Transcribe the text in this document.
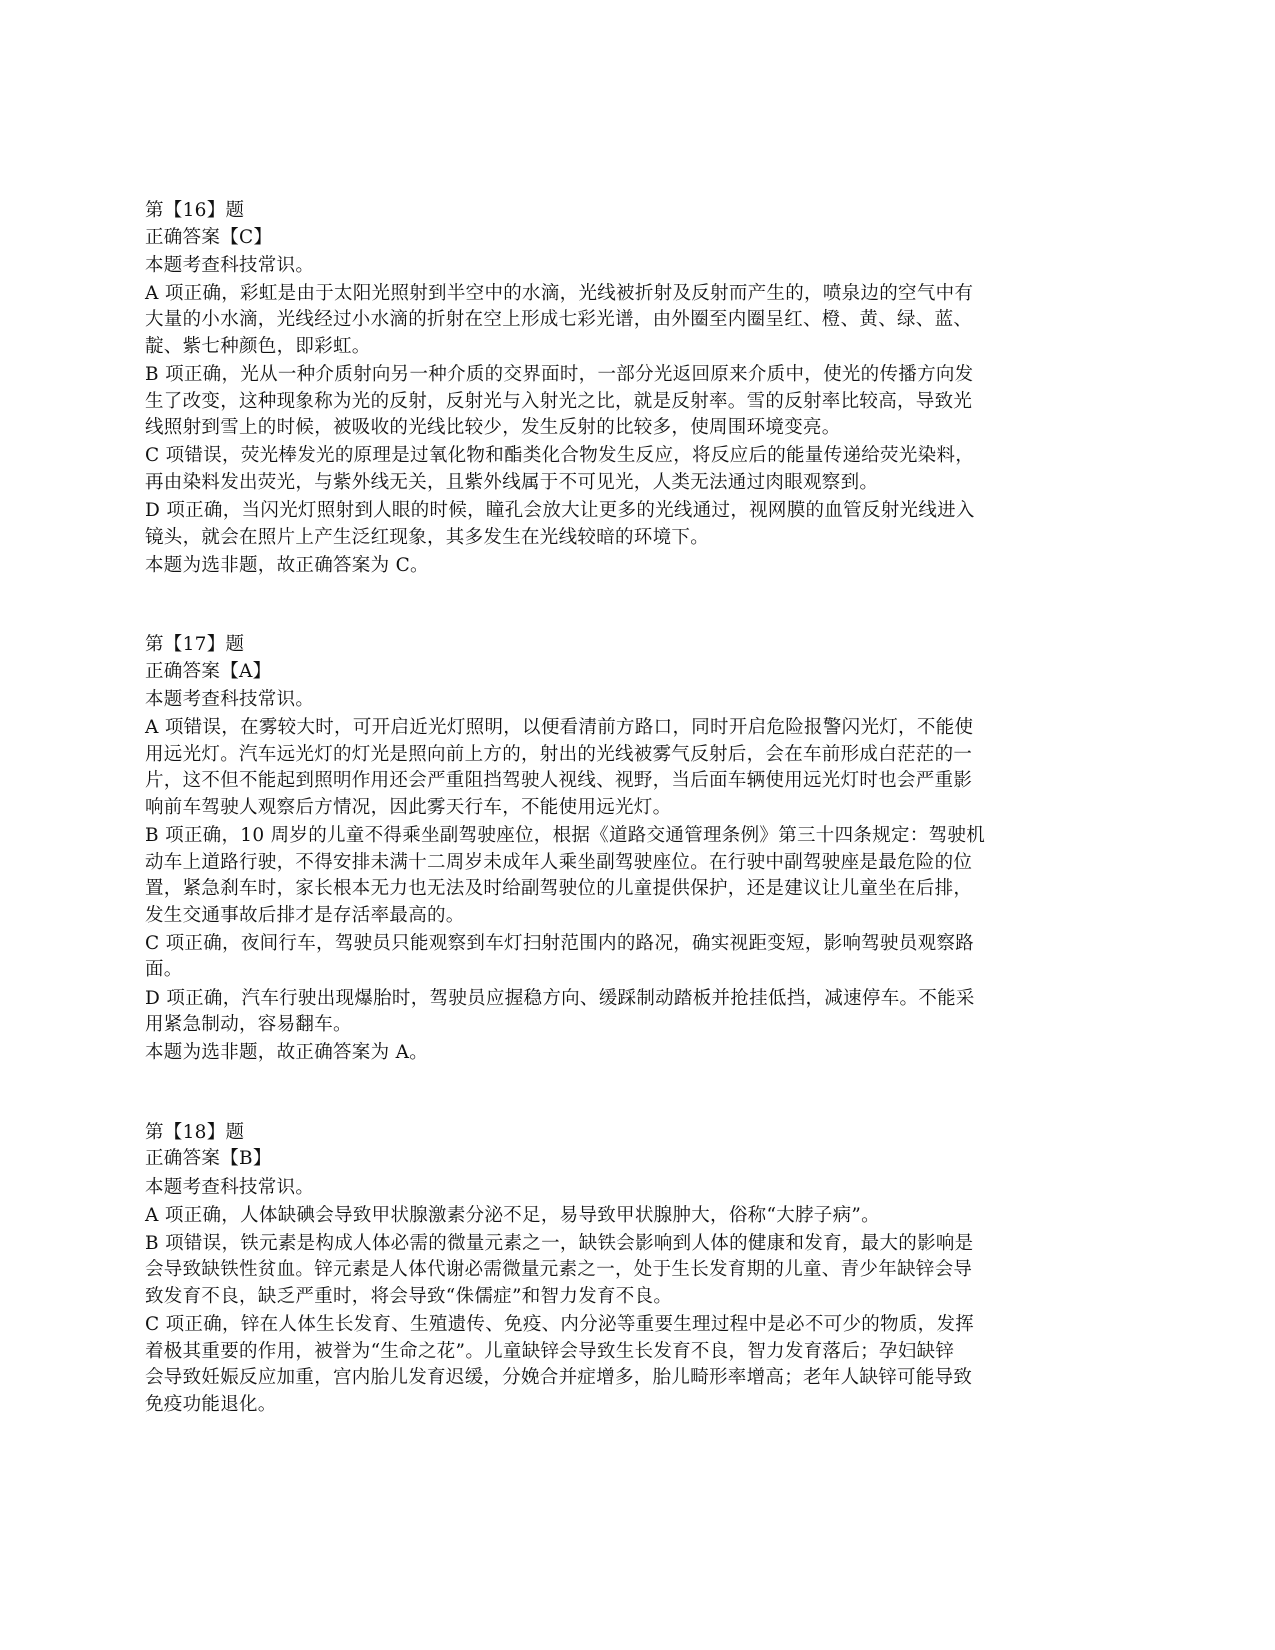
第【16】题
正确答案【C】
本题考查科技常识。
A 项正确，彩虹是由于太阳光照射到半空中的水滴，光线被折射及反射而产生的，喷泉边的空气中有
大量的小水滴，光线经过小水滴的折射在空上形成七彩光谱，由外圈至内圈呈红、橙、黄、绿、蓝、
靛、紫七种颜色，即彩虹。
B 项正确，光从一种介质射向另一种介质的交界面时，一部分光返回原来介质中，使光的传播方向发
生了改变，这种现象称为光的反射，反射光与入射光之比，就是反射率。雪的反射率比较高，导致光
线照射到雪上的时候，被吸收的光线比较少，发生反射的比较多，使周围环境变亮。
C 项错误，荧光棒发光的原理是过氧化物和酯类化合物发生反应，将反应后的能量传递给荧光染料，
再由染料发出荧光，与紫外线无关，且紫外线属于不可见光，人类无法通过肉眼观察到。
D 项正确，当闪光灯照射到人眼的时候，瞳孔会放大让更多的光线通过，视网膜的血管反射光线进入
镜头，就会在照片上产生泛红现象，其多发生在光线较暗的环境下。
本题为选非题，故正确答案为 C。
第【17】题
正确答案【A】
本题考查科技常识。
A 项错误，在雾较大时，可开启近光灯照明，以便看清前方路口，同时开启危险报警闪光灯，不能使
用远光灯。汽车远光灯的灯光是照向前上方的，射出的光线被雾气反射后，会在车前形成白茫茫的一
片，这不但不能起到照明作用还会严重阻挡驾驶人视线、视野，当后面车辆使用远光灯时也会严重影
响前车驾驶人观察后方情况，因此雾天行车，不能使用远光灯。
B 项正确，10 周岁的儿童不得乘坐副驾驶座位，根据《道路交通管理条例》第三十四条规定：驾驶机
动车上道路行驶，不得安排未满十二周岁未成年人乘坐副驾驶座位。在行驶中副驾驶座是最危险的位
置，紧急刹车时，家长根本无力也无法及时给副驾驶位的儿童提供保护，还是建议让儿童坐在后排，
发生交通事故后排才是存活率最高的。
C 项正确，夜间行车，驾驶员只能观察到车灯扫射范围内的路况，确实视距变短，影响驾驶员观察路
面。
D 项正确，汽车行驶出现爆胎时，驾驶员应握稳方向、缓踩制动踏板并抢挂低挡，减速停车。不能采
用紧急制动，容易翻车。
本题为选非题，故正确答案为 A。
第【18】题
正确答案【B】
本题考查科技常识。
A 项正确，人体缺碘会导致甲状腺激素分泌不足，易导致甲状腺肿大，俗称“大脖子病”。
B 项错误，铁元素是构成人体必需的微量元素之一，缺铁会影响到人体的健康和发育，最大的影响是
会导致缺铁性贫血。锌元素是人体代谢必需微量元素之一，处于生长发育期的儿童、青少年缺锌会导
致发育不良，缺乏严重时，将会导致“侏儒症”和智力发育不良。
C 项正确，锌在人体生长发育、生殖遗传、免疫、内分泌等重要生理过程中是必不可少的物质，发挥
着极其重要的作用，被誉为“生命之花”。儿童缺锌会导致生长发育不良，智力发育落后；孕妇缺锌
会导致妊娠反应加重，宫内胎儿发育迟缓，分娩合并症增多，胎儿畸形率增高；老年人缺锌可能导致
免疫功能退化。
